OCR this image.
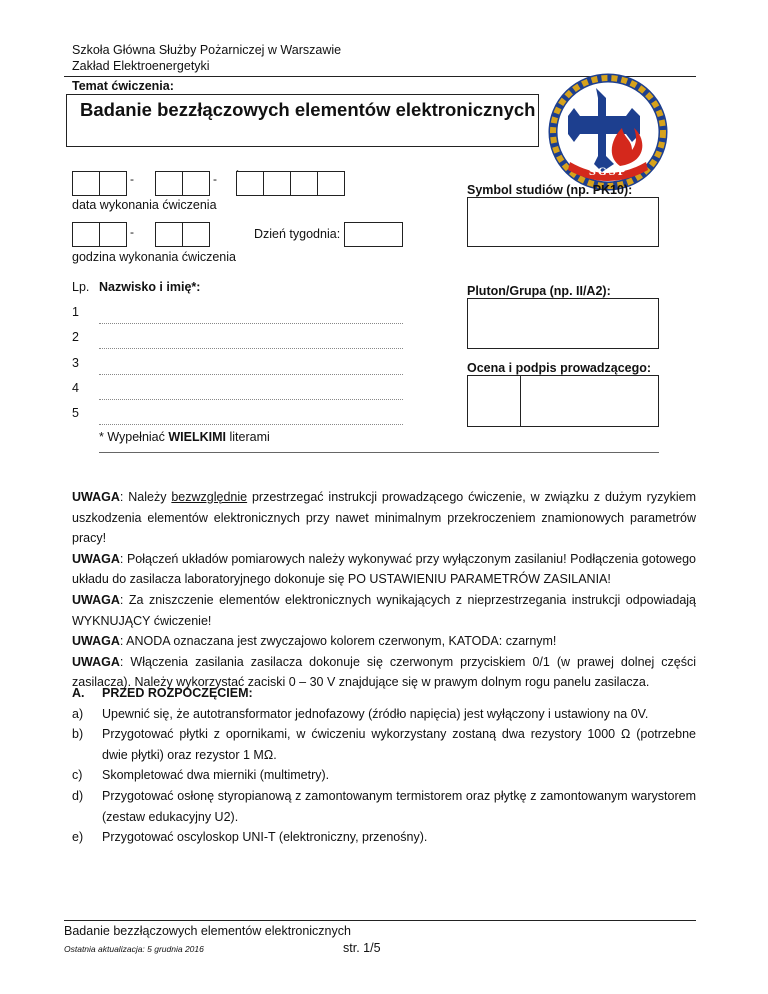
Szkoła Główna Służby Pożarniczej w Warszawie
Zakład Elektroenergetyki
Temat ćwiczenia:
Badanie bezzłączowych elementów elektronicznych
SGSP
-	- `
data wykonania ćwiczenia
-	Dzień tygodnia:
godzina wykonania ćwiczenia
Lp. Nazwisko i imię*:
1
2
3
4
5
* Wypełniać WIELKIMI literami
Symbol studiów (np. PK10):
Pluton/Grupa (np. II/A2):
Ocena i podpis prowadzącego:

UWAGA: Należy bezwzględnie przestrzegać instrukcji prowadzącego ćwiczenie, w związku z dużym ryzykiem uszkodzenia elementów elektronicznych przy nawet minimalnym przekroczeniem znamionowych parametrów pracy!

UWAGA: Połączeń układów pomiarowych należy wykonywać przy wyłączonym zasilaniu! Podłączenia gotowego układu do zasilacza laboratoryjnego dokonuje się PO USTAWIENIU PARAMETRÓW ZASILANIA!

UWAGA: Za zniszczenie elementów elektronicznych wynikających z nieprzestrzegania instrukcji odpowiadają WYKNUJĄCY ćwiczenie!

UWAGA: ANODA oznaczana jest zwyczajowo kolorem czerwonym, KATODA: czarnym!

UWAGA: Włączenia zasilania zasilacza dokonuje się czerwonym przyciskiem 0/1 (w prawej dolnej części zasilacza). Należy wykorzystać zaciski 0 – 30 V znajdujące się w prawym dolnym rogu panelu zasilacza.

A. PRZED ROZPOCZĘCIEM:
a) Upewnić się, że autotransformator jednofazowy (źródło napięcia) jest wyłączony i ustawiony na 0V.
b) Przygotować płytki z opornikami, w ćwiczeniu wykorzystany zostaną dwa rezystory 1000 Ω (potrzebne dwie płytki) oraz rezystor 1 MΩ.
c) Skompletować dwa mierniki (multimetry).
d) Przygotować osłonę styropianową z zamontowanym termistorem oraz płytkę z zamontowanym warystorem (zestaw edukacyjny U2).
e) Przygotować oscyloskop UNI-T (elektroniczny, przenośny).
Badanie bezzłączowych elementów elektronicznych
Ostatnia aktualizacja: 5 grudnia 2016	str. 1/5
